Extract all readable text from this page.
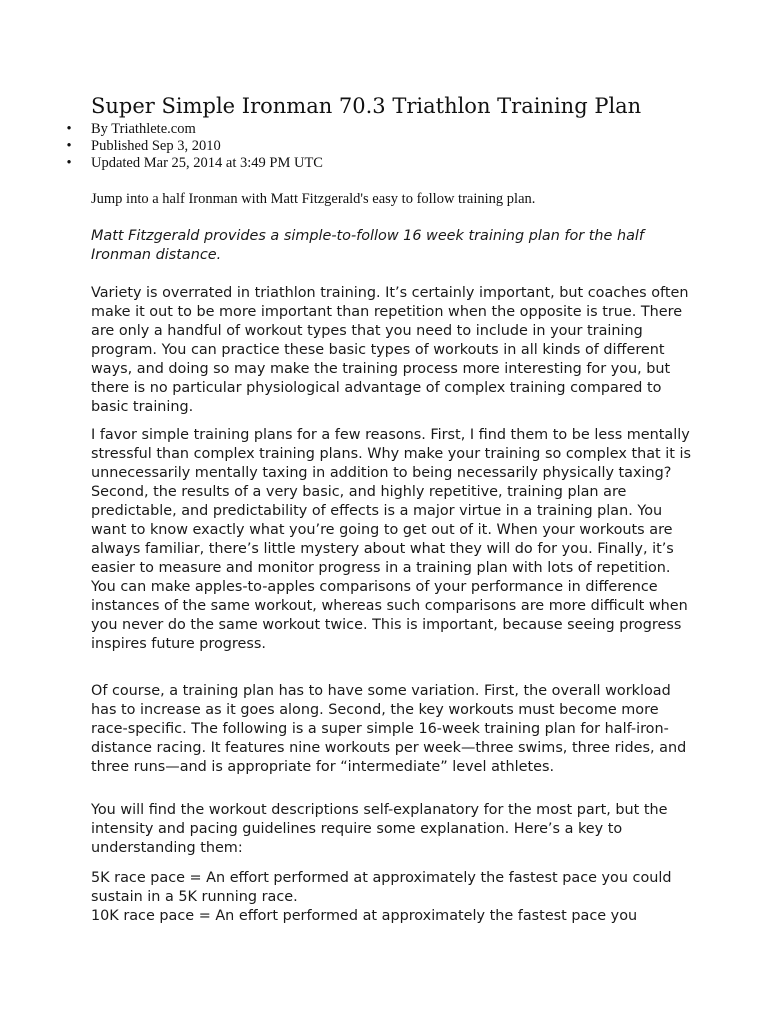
Super Simple Ironman 70.3 Triathlon Training Plan
• By Triathlete.com
• Published Sep 3, 2010
• Updated Mar 25, 2014 at 3:49 PM UTC

Jump into a half Ironman with Matt Fitzgerald's easy to follow training plan.

Matt Fitzgerald provides a simple-to-follow 16 week training plan for the half Ironman distance.

Variety is overrated in triathlon training. It’s certainly important, but coaches often make it out to be more important than repetition when the opposite is true. There are only a handful of workout types that you need to include in your training program. You can practice these basic types of workouts in all kinds of different ways, and doing so may make the training process more interesting for you, but there is no particular physiological advantage of complex training compared to basic training.

I favor simple training plans for a few reasons. First, I find them to be less mentally stressful than complex training plans. Why make your training so complex that it is unnecessarily mentally taxing in addition to being necessarily physically taxing? Second, the results of a very basic, and highly repetitive, training plan are predictable, and predictability of effects is a major virtue in a training plan. You want to know exactly what you’re going to get out of it. When your workouts are always familiar, there’s little mystery about what they will do for you. Finally, it’s easier to measure and monitor progress in a training plan with lots of repetition. You can make apples-to-apples comparisons of your performance in difference instances of the same workout, whereas such comparisons are more difficult when you never do the same workout twice. This is important, because seeing progress inspires future progress.

Of course, a training plan has to have some variation. First, the overall workload has to increase as it goes along. Second, the key workouts must become more race-specific. The following is a super simple 16-week training plan for half-iron-distance racing. It features nine workouts per week—three swims, three rides, and three runs—and is appropriate for “intermediate” level athletes.

You will find the workout descriptions self-explanatory for the most part, but the intensity and pacing guidelines require some explanation. Here’s a key to understanding them:

5K race pace = An effort performed at approximately the fastest pace you could sustain in a 5K running race.
10K race pace = An effort performed at approximately the fastest pace you
